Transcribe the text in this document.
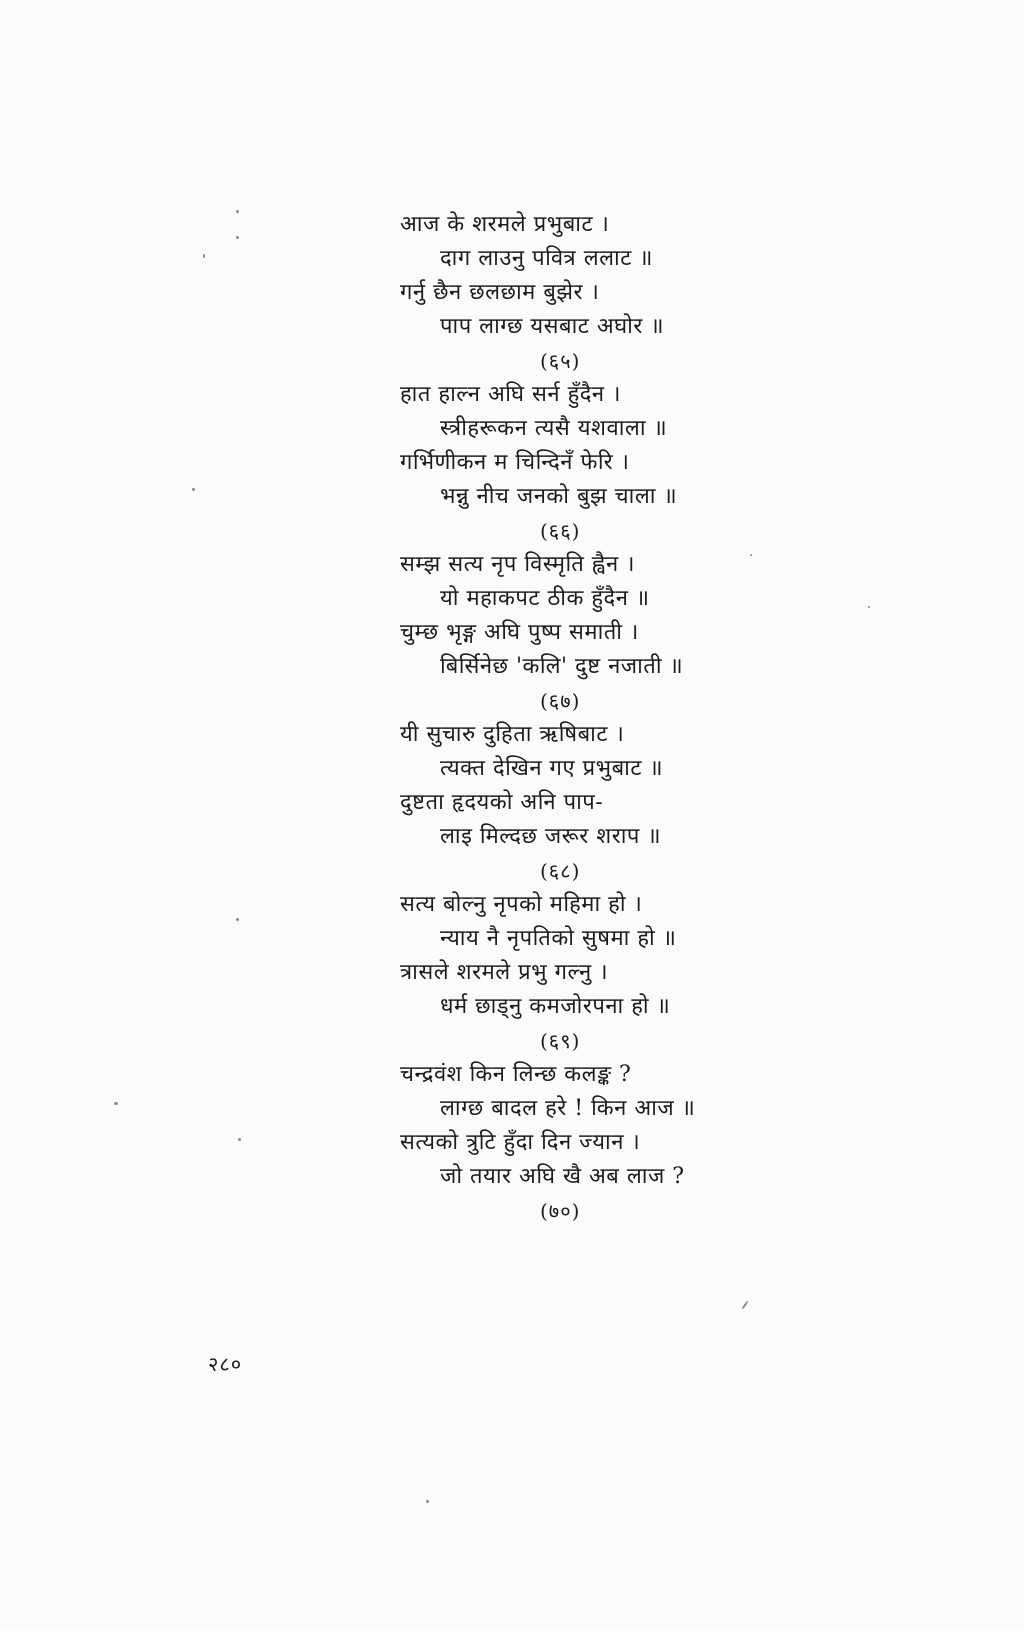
आज के शरमले प्रभुबाट ।
दाग लाउनु पवित्र ललाट ॥
गर्नु छैन छलछाम बुझेर ।
पाप लाग्छ यसबाट अघोर ॥
(६५)
हात हाल्न अघि सर्न हुँदैन ।
स्त्रीहरूकन त्यसै यशवाला ॥
गर्भिणीकन म चिन्दिनँ फेरि ।
भन्नु नीच जनको बुझ चाला ॥
(६६)
सम्झ सत्य नृप विस्मृति ह्वैन ।
यो महाकपट ठीक हुँदैन ॥
चुम्छ भृङ्ग अघि पुष्प समाती ।
बिर्सिनेछ 'कलि' दुष्ट नजाती ॥
(६७)
यी सुचारु दुहिता ऋषिबाट ।
त्यक्त देखिन गए प्रभुबाट ॥
दुष्टता हृदयको अनि पाप-
लाइ मिल्दछ जरूर शराप ॥
(६८)
सत्य बोल्नु नृपको महिमा हो ।
न्याय नै नृपतिको सुषमा हो ॥
त्रासले शरमले प्रभु गल्नु ।
धर्म छाड्नु कमजोरपना हो ॥
(६९)
चन्द्रवंश किन लिन्छ कलङ्क ?
लाग्छ बादल हरे ! किन आज ॥
सत्यको त्रुटि हुँदा दिन ज्यान ।
जो तयार अघि खै अब लाज ?
(७०)
२८०
